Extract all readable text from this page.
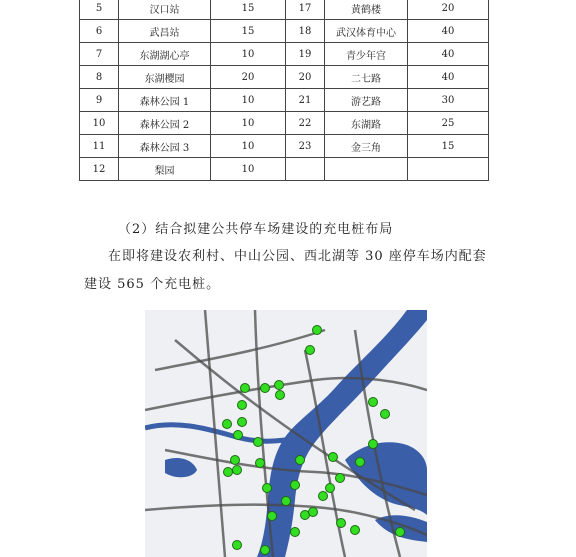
5	汉口站	15	17	黄鹤楼	20
6	武昌站	15	18	武汉体育中心	40
7	东湖湖心亭	10	19	青少年宫	40
8	东湖樱园	20	20	二七路	40
9	森林公园 1	10	21	游艺路	30
10	森林公园 2	10	22	东湖路	25
11	森林公园 3	10	23	金三角	15
12	梨园	10			

（2）结合拟建公共停车场建设的充电桩布局

在即将建设农利村、中山公园、西北湖等 30 座停车场内配套建设 565 个充电桩。
